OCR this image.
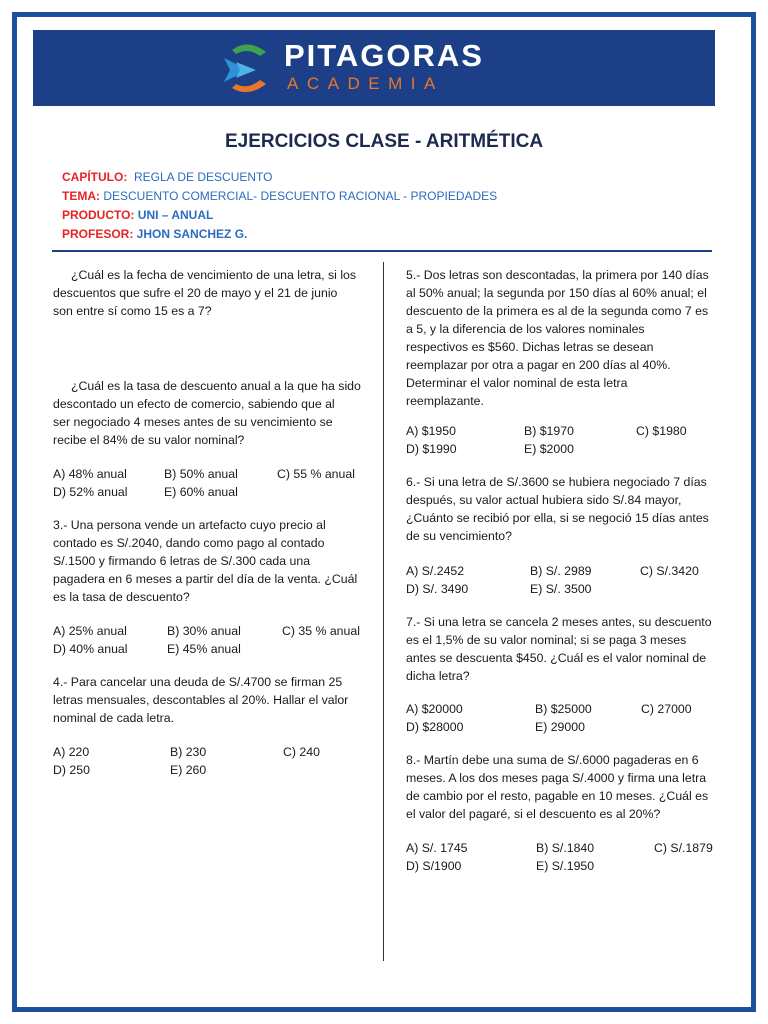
PITAGORAS
ACADEMIA
EJERCICIOS CLASE - ARITMÉTICA
CAPÍTULO:  REGLA DE DESCUENTO
TEMA: DESCUENTO COMERCIAL- DESCUENTO RACIONAL - PROPIEDADES
PRODUCTO: UNI – ANUAL
PROFESOR: JHON SANCHEZ G.
¿Cuál es la fecha de vencimiento de una letra, si los
descuentos que sufre el 20 de mayo y el 21 de junio
son entre sí como 15 es a 7?
¿Cuál es la tasa de descuento anual a la que ha sido
descontado un efecto de comercio, sabiendo que al
ser negociado 4 meses antes de su vencimiento se
recibe el 84% de su valor nominal?
A) 48% anual	B) 50% anual	C) 55 % anual
D) 52% anual	E) 60% anual
3.- Una persona vende un artefacto cuyo precio al
contado es S/.2040, dando como pago al contado
S/.1500 y firmando 6 letras de S/.300 cada una
pagadera en 6 meses a partir del día de la venta. ¿Cuál
es la tasa de descuento?
A) 25% anual	B) 30% anual	C) 35 % anual
D) 40% anual	E) 45% anual
4.- Para cancelar una deuda de S/.4700 se firman 25
letras mensuales, descontables al 20%. Hallar el valor
nominal de cada letra.
A) 220	B) 230	C) 240
D) 250	E) 260
5.- Dos letras son descontadas, la primera por 140 días
al 50% anual; la segunda por 150 días al 60% anual; el
descuento de la primera es al de la segunda como 7 es
a 5, y la diferencia de los valores nominales
respectivos es $560. Dichas letras se desean
reemplazar por otra a pagar en 200 días al 40%.
Determinar el valor nominal de esta letra
reemplazante.
A) $1950	B) $1970	C) $1980
D) $1990	E) $2000
6.- Si una letra de S/.3600 se hubiera negociado 7 días
después, su valor actual hubiera sido S/.84 mayor,
¿Cuánto se recibió por ella, si se negoció 15 días antes
de su vencimiento?
A) S/.2452	B) S/. 2989	C) S/.3420
D) S/. 3490	E) S/. 3500
7.- Si una letra se cancela 2 meses antes, su descuento
es el 1,5% de su valor nominal; si se paga 3 meses
antes se descuenta $450. ¿Cuál es el valor nominal de
dicha letra?
A) $20000	B) $25000	C) 27000
D) $28000	E) 29000
8.- Martín debe una suma de S/.6000 pagaderas en 6
meses. A los dos meses paga S/.4000 y firma una letra
de cambio por el resto, pagable en 10 meses. ¿Cuál es
el valor del pagaré, si el descuento es al 20%?
A) S/. 1745	B) S/.1840	C) S/.1879
D) S/1900	E) S/.1950
